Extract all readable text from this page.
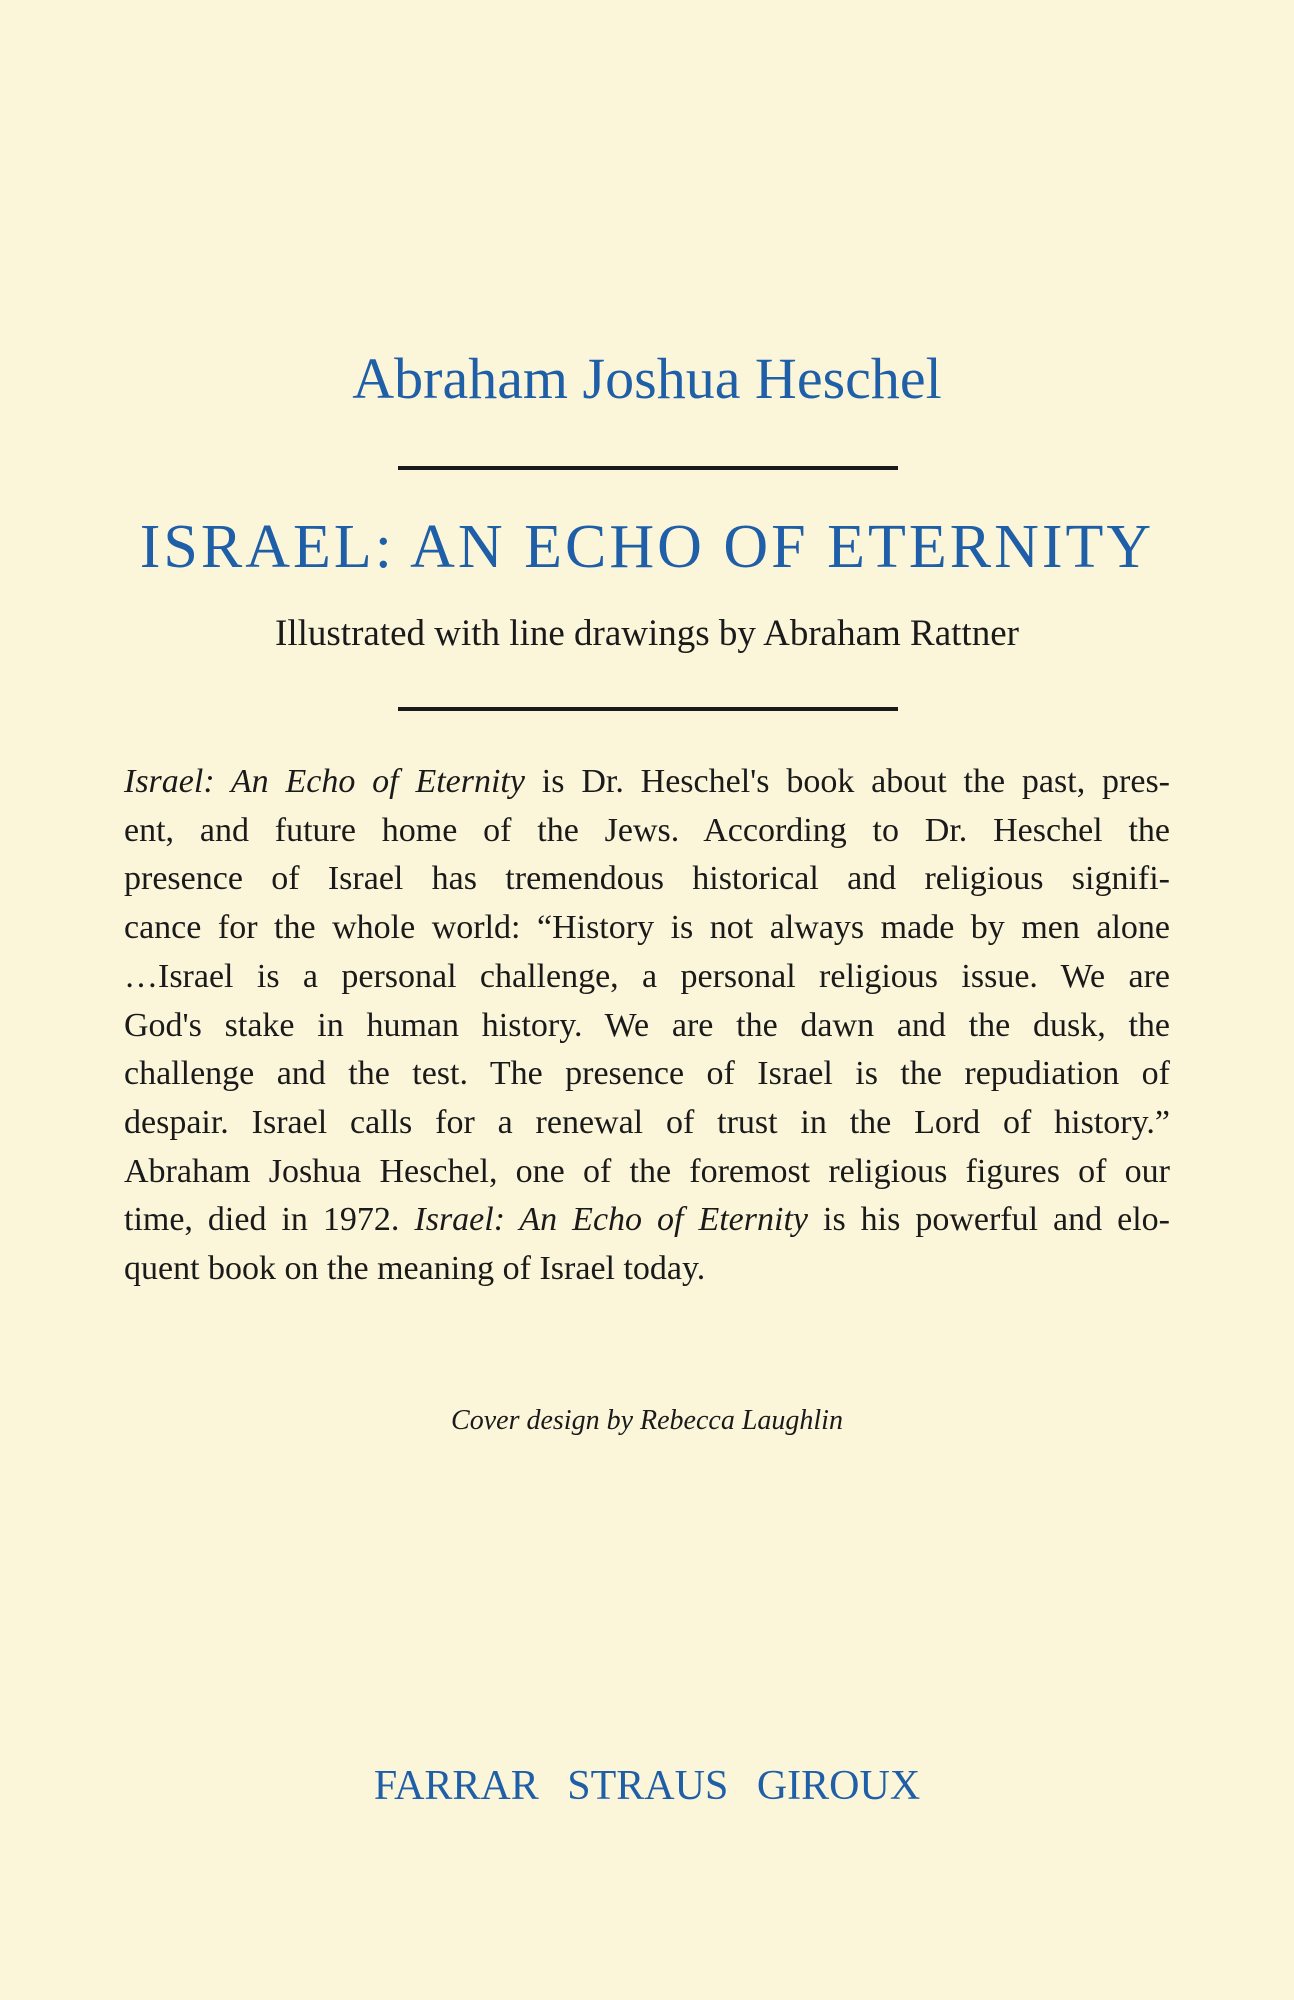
Abraham Joshua Heschel
ISRAEL: AN ECHO OF ETERNITY
Illustrated with line drawings by Abraham Rattner
Israel: An Echo of Eternity is Dr. Heschel's book about the past, pres-
ent, and future home of the Jews. According to Dr. Heschel the
presence of Israel has tremendous historical and religious signifi-
cance for the whole world: “History is not always made by men alone
…Israel is a personal challenge, a personal religious issue. We are
God's stake in human history. We are the dawn and the dusk, the
challenge and the test. The presence of Israel is the repudiation of
despair. Israel calls for a renewal of trust in the Lord of history.”
Abraham Joshua Heschel, one of the foremost religious figures of our
time, died in 1972. Israel: An Echo of Eternity is his powerful and elo-
quent book on the meaning of Israel today.
Cover design by Rebecca Laughlin
FARRAR STRAUS GIROUX
